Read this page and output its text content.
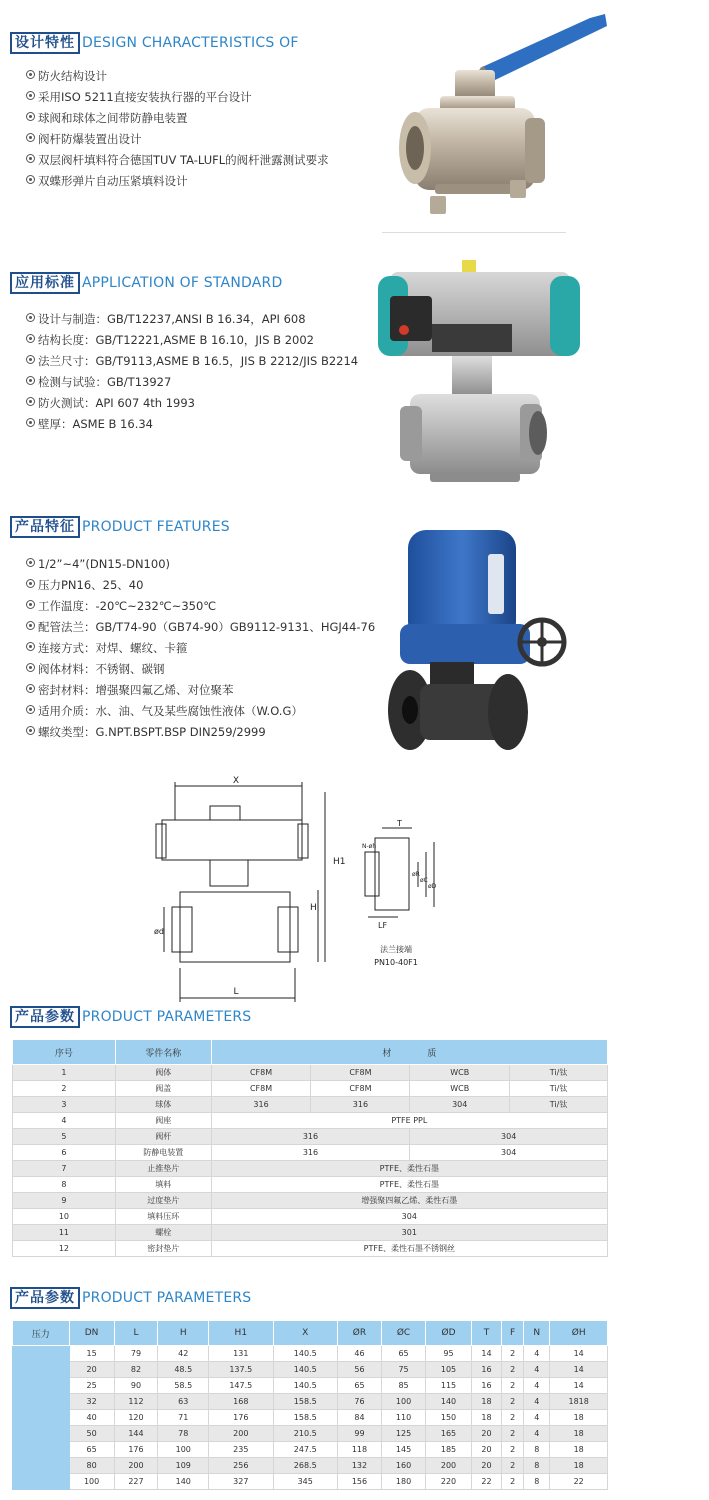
设计特性 DESIGN CHARACTERISTICS OF
防火结构设计
采用ISO 5211直接安装执行器的平台设计
球阀和球体之间带防静电装置
阀杆防爆装置出设计
双层阀杆填料符合德国TUV TA-LUFL的阀杆泄露测试要求
双蝶形弹片自动压紧填料设计
应用标准 APPLICATION OF STANDARD
设计与制造：GB/T12237,ANSI B 16.34，API 608
结构长度：GB/T12221,ASME B 16.10，JIS B 2002
法兰尺寸：GB/T9113,ASME B 16.5，JIS B 2212/JIS B2214
检测与试验：GB/T13927
防火测试：API 607 4th 1993
壁厚：ASME B 16.34
产品特征 PRODUCT FEATURES
1/2”~4”(DN15-DN100)
压力PN16、25、40
工作温度：-20℃~232℃~350℃
配管法兰：GB/T74-90（GB74-90）GB9112-9131、HGJ44-76
连接方式：对焊、螺纹、卡箍
阀体材料：不锈钢、碳钢
密封材料：增强聚四氟乙烯、对位聚苯
适用介质：水、油、气及某些腐蚀性液体（W.O.G）
螺纹类型：G.NPT.BSPT.BSP DIN259/2999
X
H1
H
L
ød
T
LF
N-øh
øR
øC
øD
法兰接端
PN10-40F1
产品参数 PRODUCT PARAMETERS
序号	零件名称	材　　　　质			
1	阀体	CF8M	CF8M	WCB	Ti/钛
2	阀盖	CF8M	CF8M	WCB	Ti/钛
3	球体	316	316	304	Ti/钛
4	阀座	PTFE PPL			
5	阀杆	316		304	
6	防静电装置	316		304	
7	止推垫片	PTFE、柔性石墨			
8	填料	PTFE、柔性石墨			
9	过度垫片	增强聚四氟乙烯、柔性石墨			
10	填料压环	304			
11	螺栓	301			
12	密封垫片	PTFE、柔性石墨不锈钢丝			
产品参数 PRODUCT PARAMETERS
压力	DN	L	H	H1	X	ØR	ØC	ØD	T	F	N	ØH
	15	79	42	131	140.5	46	65	95	14	2	4	14
	20	82	48.5	137.5	140.5	56	75	105	16	2	4	14
	25	90	58.5	147.5	140.5	65	85	115	16	2	4	14
	32	112	63	168	158.5	76	100	140	18	2	4	1818
	40	120	71	176	158.5	84	110	150	18	2	4	18
	50	144	78	200	210.5	99	125	165	20	2	4	18
	65	176	100	235	247.5	118	145	185	20	2	8	18
	80	200	109	256	268.5	132	160	200	20	2	8	18
	100	227	140	327	345	156	180	220	22	2	8	22
